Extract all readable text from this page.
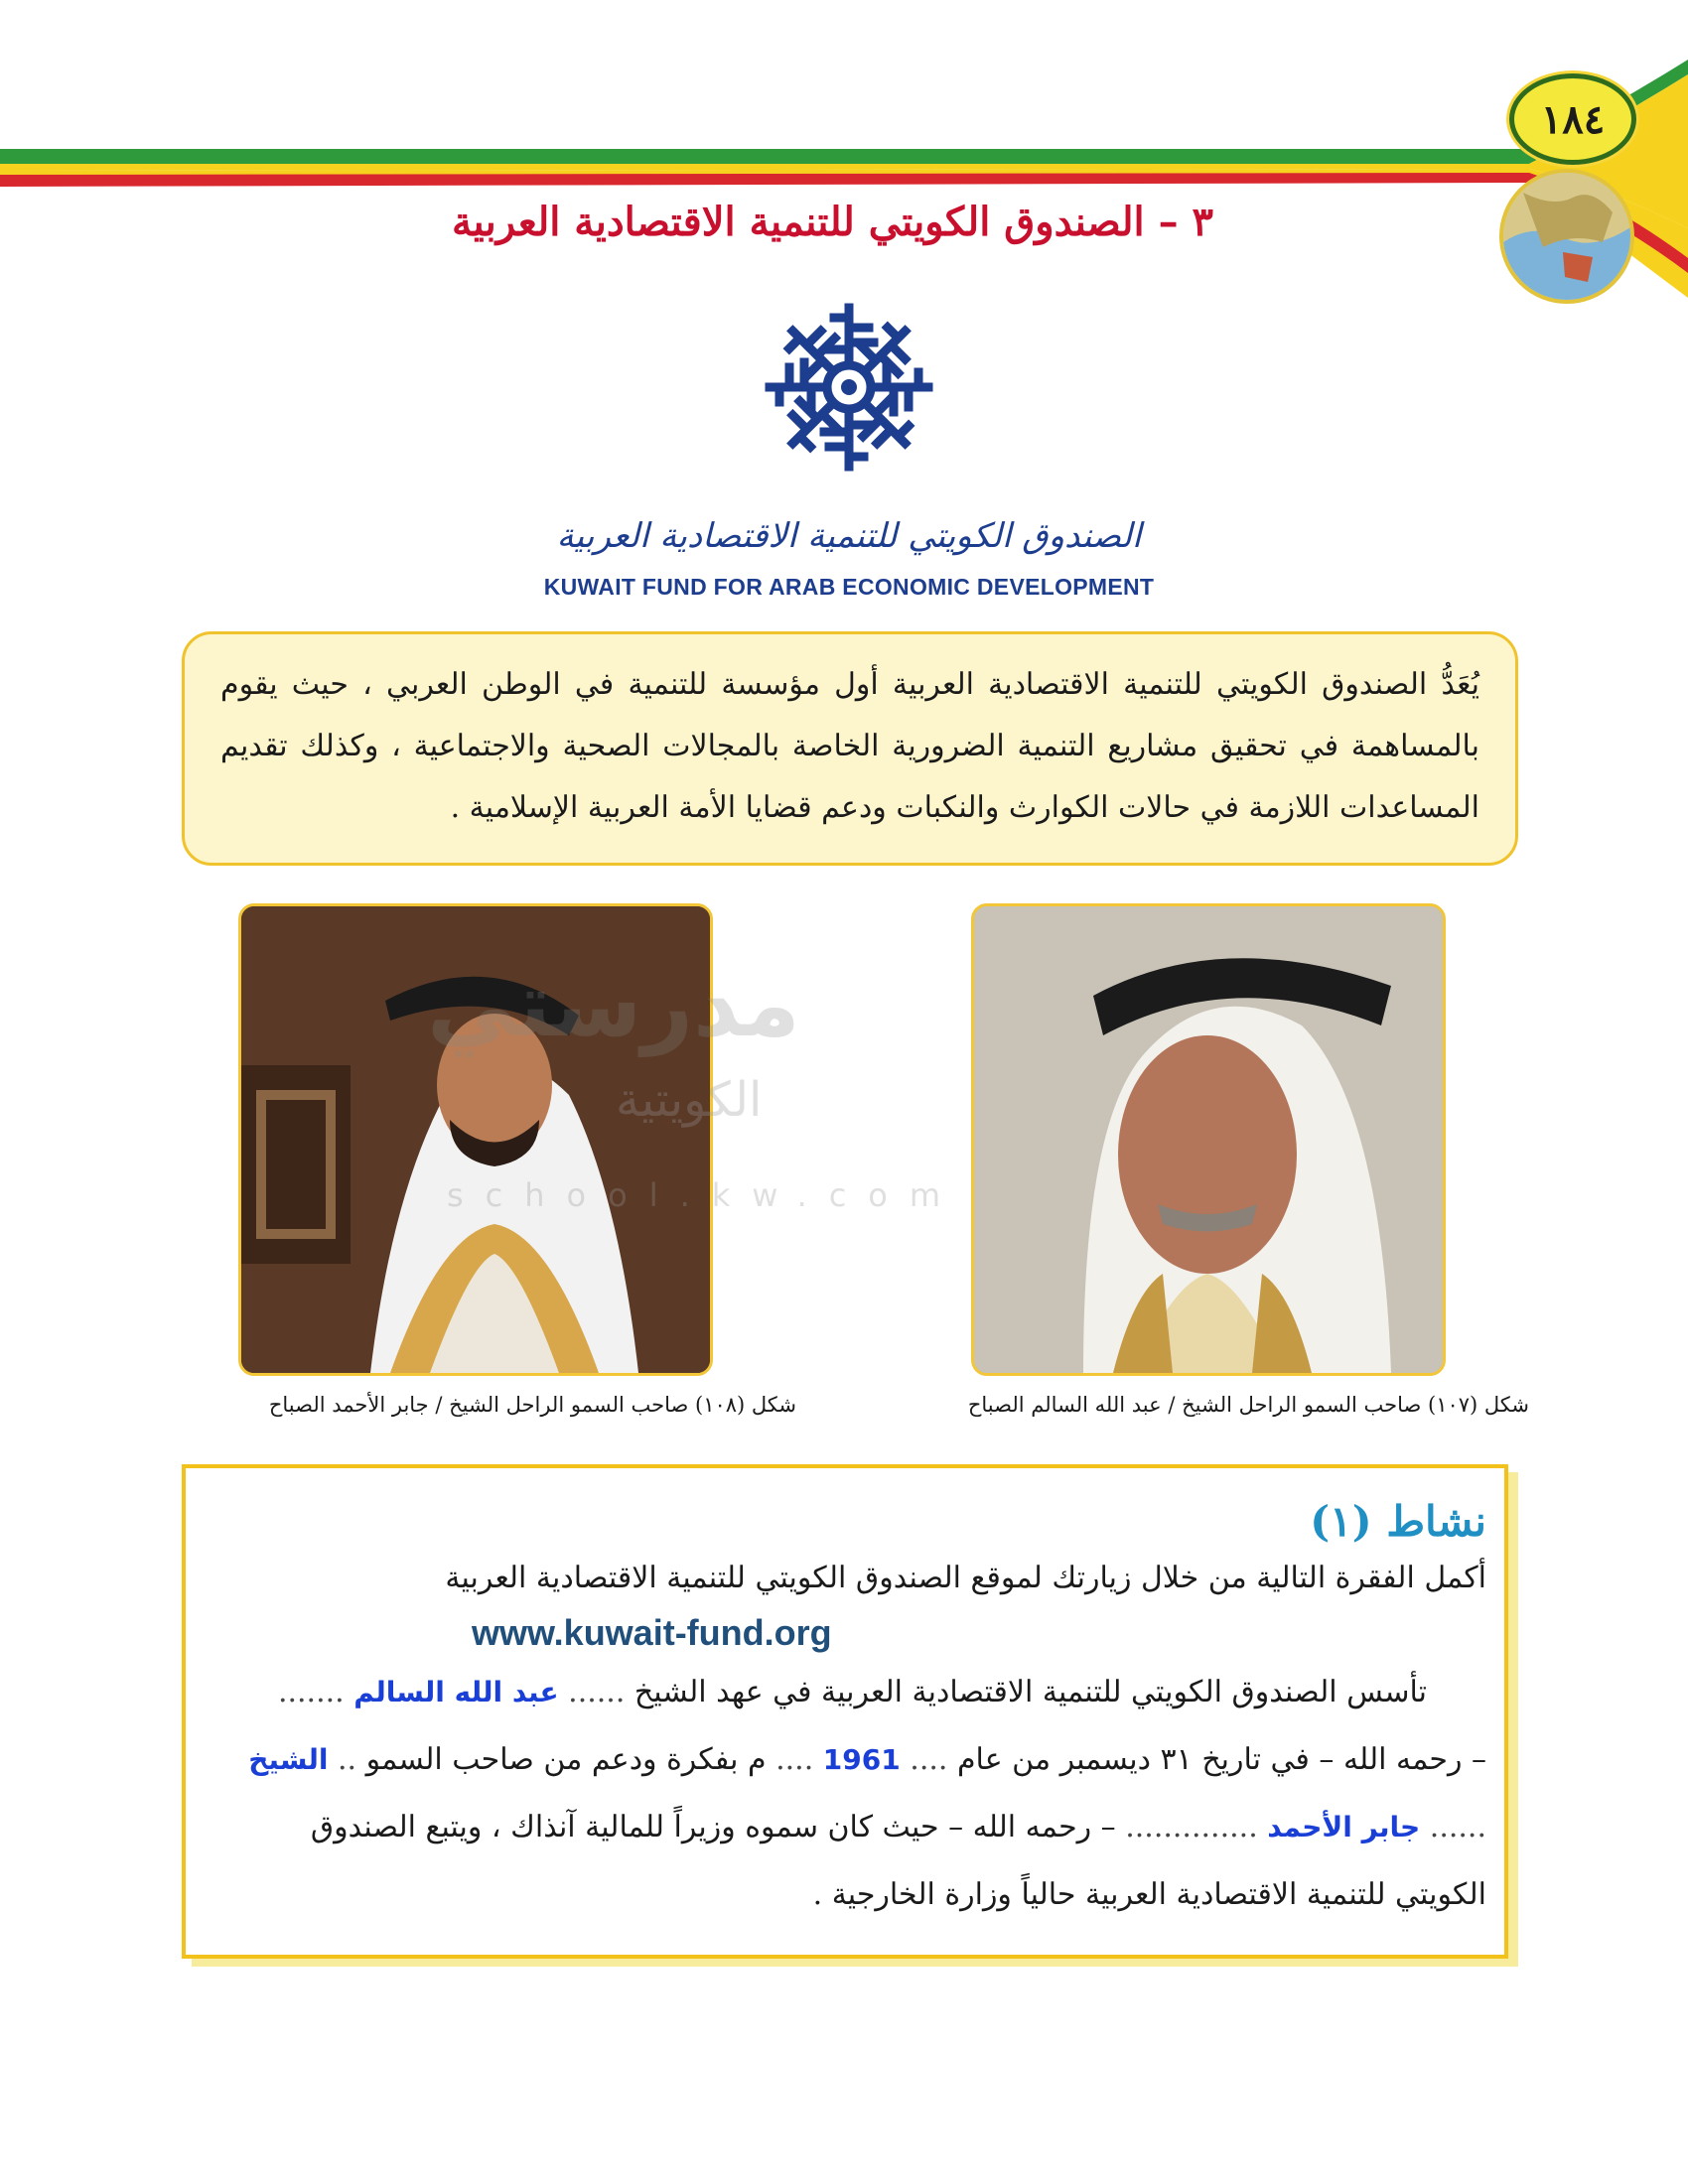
١٨٤
٣ – الصندوق الكويتي للتنمية الاقتصادية العربية
الصندوق الكويتي للتنمية الاقتصادية العربية
KUWAIT FUND FOR ARAB ECONOMIC DEVELOPMENT
يُعَدُّ الصندوق الكويتي للتنمية الاقتصادية العربية أول مؤسسة للتنمية في الوطن العربي ، حيث يقوم بالمساهمة في تحقيق مشاريع التنمية الضرورية الخاصة بالمجالات الصحية والاجتماعية ، وكذلك تقديم المساعدات اللازمة في حالات الكوارث والنكبات ودعم قضايا الأمة العربية الإسلامية .
مدرستي
الكويتية
school.kw.com
شكل (١٠٨) صاحب السمو الراحل الشيخ / جابر الأحمد الصباح	شكل (١٠٧) صاحب السمو الراحل الشيخ / عبد الله السالم الصباح
نشاط (١)
أكمل الفقرة التالية من خلال زيارتك لموقع الصندوق الكويتي للتنمية الاقتصادية العربية
www.kuwait-fund.org
تأسس الصندوق الكويتي للتنمية الاقتصادية العربية في عهد الشيخ ...... عبد الله السالم .......
– رحمه الله – في تاريخ ٣١ ديسمبر من عام .... 1961 .... م بفكرة ودعم من صاحب السمو .. الشيخ
...... جابر الأحمد .............. – رحمه الله – حيث كان سموه وزيراً للمالية آنذاك ، ويتبع الصندوق
الكويتي للتنمية الاقتصادية العربية حالياً وزارة الخارجية .
